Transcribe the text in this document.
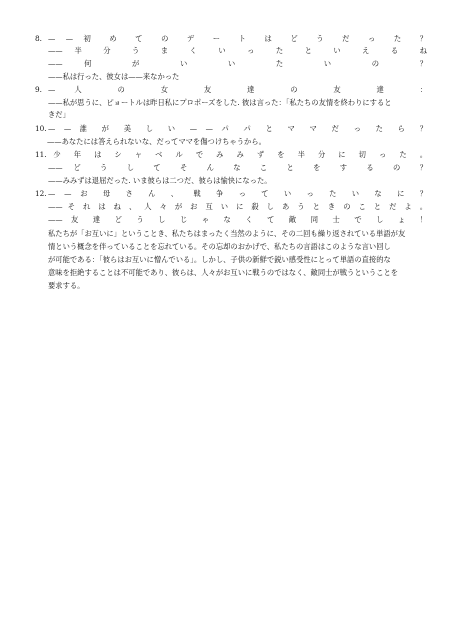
8. — — 初 め て の デ ー ト は ど う だ っ た ？
—— 半 分 う ま く い っ た と い え る ね
—— 何 が い い た い の ？
——私は行った、彼女は——来なかった
9. — 人 の 女 友 達 の 友 達 ：
——私が思うに、ピョートルは昨日私にプロポーズをした. 彼は言った：「私たちの友情を終わりにすると
きだ」
10.— — 誰 が 美 し い — — パ パ と マ マ だ っ た ら ？
——あなたには答えられないな、だってママを傷つけちゃうから。
11.少 年 は シ ャ ベ ル で み み ず を 半 分 に 切 っ た 。
—— ど う し て そ ん な こ と を す る の ？
——みみずは退屈だった. いま彼らは二つだ、彼らは愉快になった。
12.— — お 母 さ ん 、 戦 争 っ て い っ た い な に ？
—— そ れ は ね 、 人 々 が お 互 い に 殺 し あ う と き の こ と だ よ 。
—— 友 達 ど う し じ ゃ な く て 敵 同 士 で し ょ ！
私たちが「お互いに」ということき、私たちはまったく当然のように、その二回も繰り返されている単語が友
情という概念を伴っていることを忘れている。その忘却のおかげで、私たちの言語はこのような言い回し
が可能である：「彼らはお互いに憎んでいる」。しかし、子供の新鮮で鋭い感受性にとって単語の直接的な
意味を拒絶することは不可能であり、彼らは、人々がお互いに戦うのではなく、敵同士が戦うということを
要求する。
